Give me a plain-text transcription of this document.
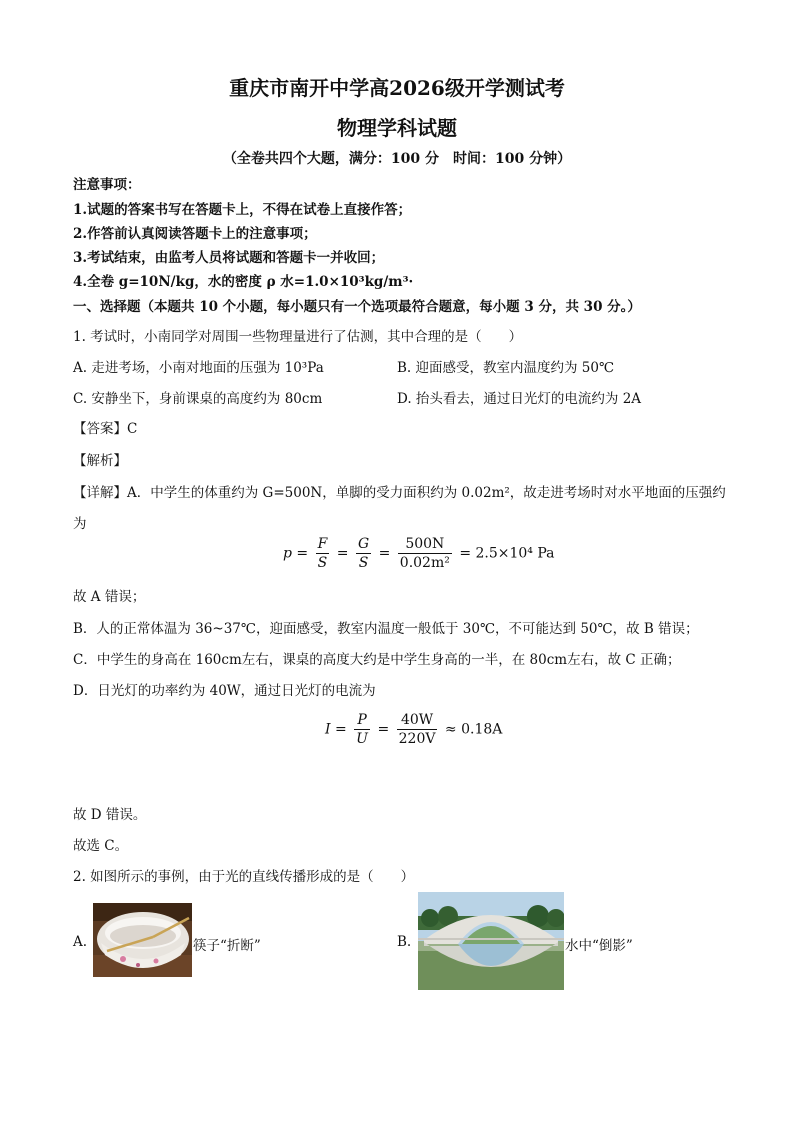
重庆市南开中学高2026级开学测试考
物理学科试题
（全卷共四个大题，满分：100 分　时间：100 分钟）
注意事项：
1.试题的答案书写在答题卡上，不得在试卷上直接作答；
2.作答前认真阅读答题卡上的注意事项；
3.考试结束，由监考人员将试题和答题卡一并收回；
4.全卷 g=10N/kg，水的密度 ρ 水=1.0×10³kg/m³·
一、选择题（本题共 10 个小题，每小题只有一个选项最符合题意，每小题 3 分，共 30 分。）
1. 考试时，小南同学对周围一些物理量进行了估测，其中合理的是（　　）
A. 走进考场，小南对地面的压强为 10³Pa	B. 迎面感受，教室内温度约为 50℃
C. 安静坐下，身前课桌的高度约为 80cm	D. 抬头看去，通过日光灯的电流约为 2A
【答案】C
【解析】
【详解】A．中学生的体重约为 G=500N，单脚的受力面积约为 0.02m²，故走进考场时对水平地面的压强约
为
$p = \frac{F}{S} = \frac{G}{S} = \frac{500N}{\text{0.02m²}} = 2.5\times 10^4$ Pa
故 A 错误；
B．人的正常体温为 36~37℃，迎面感受，教室内温度一般低于 30℃，不可能达到 50℃，故 B 错误；
C．中学生的身高在 160cm左右，课桌的高度大约是中学生身高的一半，在 80cm左右，故 C 正确；
D．日光灯的功率约为 40W，通过日光灯的电流为
$I = \frac{P}{U} = \frac{40W}{220V} \approx 0.18A$
故 D 错误。
故选 C。
2. 如图所示的事例，由于光的直线传播形成的是（　　）
A.	筷子“折断”	B.	水中“倒影”
